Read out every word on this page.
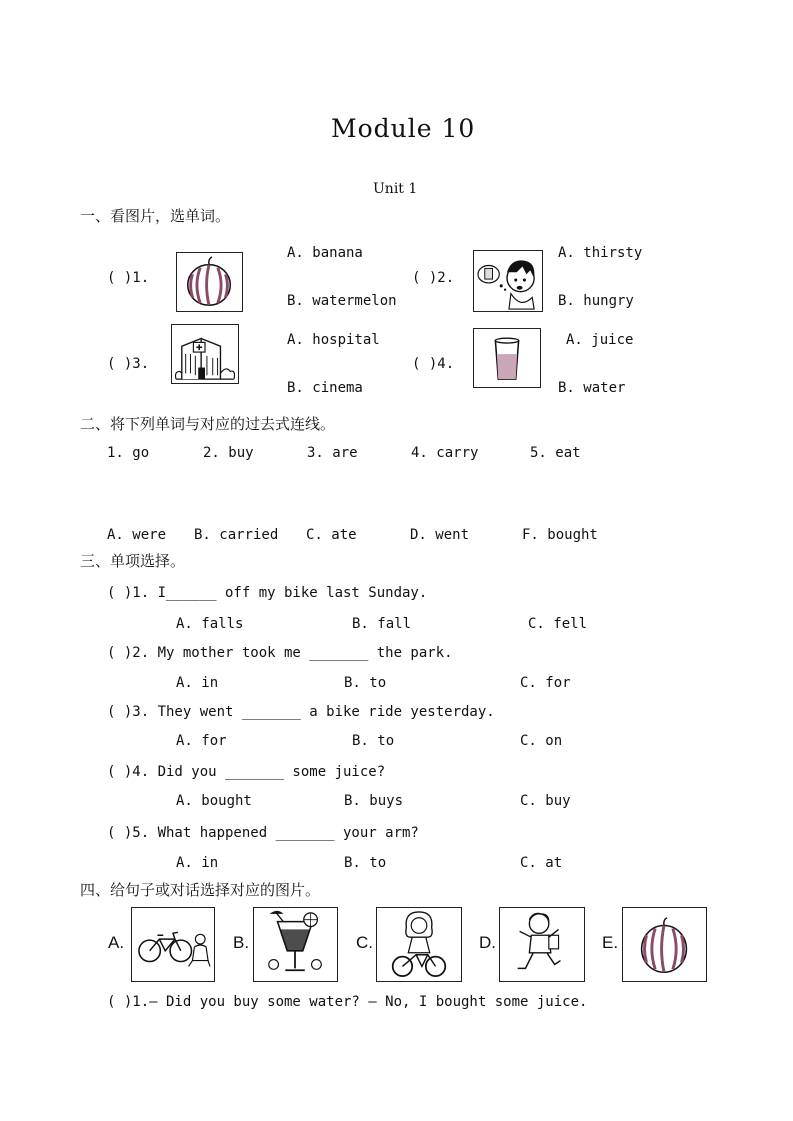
Module 10
Unit 1
一、看图片，选单词。
( )1.
A. banana
B. watermelon
( )2.
A. thirsty
B. hungry
( )3.
A. hospital
B. cinema
( )4.
A. juice
B. water
二、将下列单词与对应的过去式连线。
1. go	2. buy	3. are	4. carry	5. eat
A. were B. carried C. ate	D. went	F. bought
三、单项选择。
( )1. I______ off my bike last Sunday.
A. falls	B. fall	C. fell
( )2. My mother took me _______ the park.
A. in	B. to	C. for
( )3. They went _______ a bike ride yesterday.
A. for	B. to	C. on
( )4. Did you _______ some juice?
A. bought	B. buys	C. buy
( )5. What happened _______ your arm?
A. in	B. to	C. at
四、给句子或对话选择对应的图片。
A.	B.	C.	D.	E.
( )1.— Did you buy some water? — No, I bought some juice.
